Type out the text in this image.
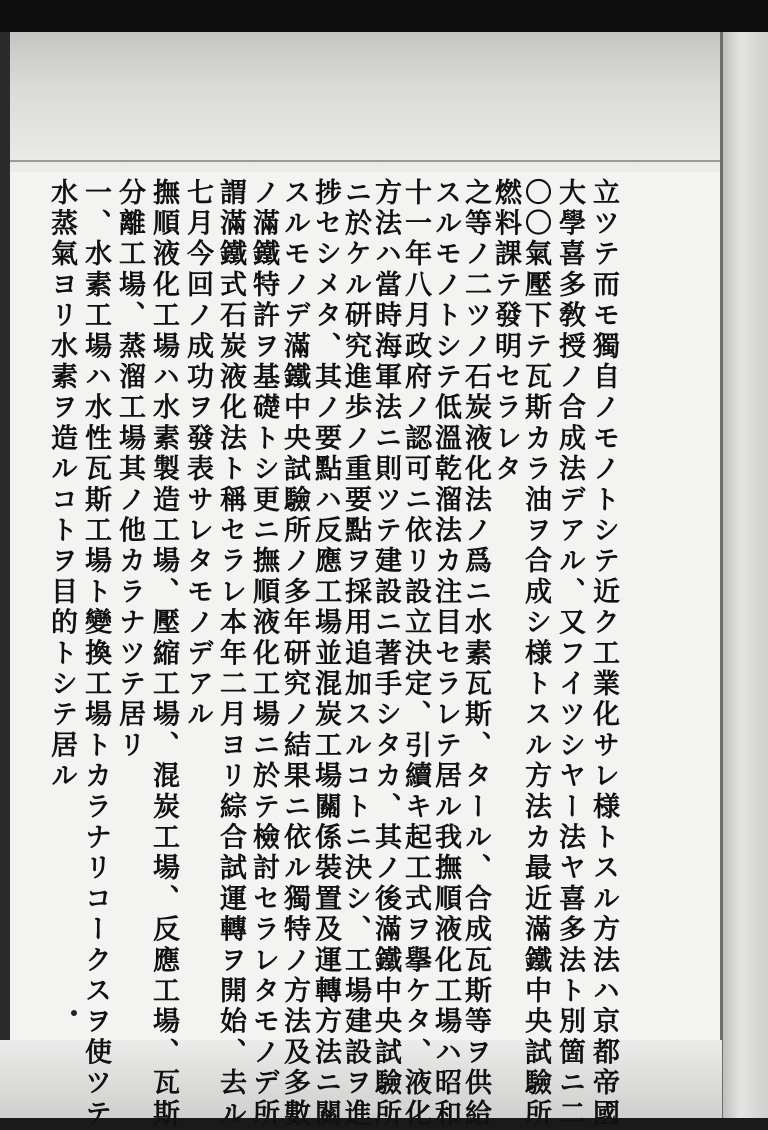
立ツテ而モ獨自ノモノトシテ近ク工業化サレ様トスル方法ハ京都帝國
大學喜多敎授ノ合成法デアル、又フイツシヤー法ヤ喜多法ト別箇ニ二
〇〇氣壓下テ瓦斯カラ油ヲ合成シ様トスル方法カ最近滿鐵中央試驗所
燃料課テ發明セラレタ
之等ノ二ツノ石炭液化法ノ爲ニ水素瓦斯、タール、合成瓦斯等ヲ供給
スルモノトシテ低溫乾溜法カ注目セラレテ居ル我撫順液化工場ハ昭和
十一年八月政府ノ認可ニ依リ設立決定、引續キ起工式ヲ擧ケタ、液化
方法ハ當時海軍法ニ則ツテ建設ニ著手シタカ、其ノ後滿鐵中央試驗所
ニ於ケル研究進歩ノ重要點ヲ採用追加スルコトニ決シ、工場建設ヲ進
捗セシメタ、其ノ要點ハ反應工場並混炭工場關係裝置及運轉方法ニ關
スルモノデ滿鐵中央試驗所ノ多年研究ノ結果ニ依ル獨特ノ方法及多數
ノ滿鐵特許ヲ基礎トシ更ニ撫順液化工場ニ於テ檢討セラレタモノデ所
謂滿鐵式石炭液化法ト稱セラレ本年二月ヨリ綜合試運轉ヲ開始、去ル
七月今回ノ成功ヲ發表サレタモノデアル
撫順液化工場ハ水素製造工場、壓縮工場、混炭工場、反應工場、瓦斯
分離工場、蒸溜工場其ノ他カラナツテ居リ
一、水素工場ハ水性瓦斯工場ト變換工場トカラナリコークスヲ使ツテ
水蒸氣ヨリ水素ヲ造ルコトヲ目的トシテ居ル
